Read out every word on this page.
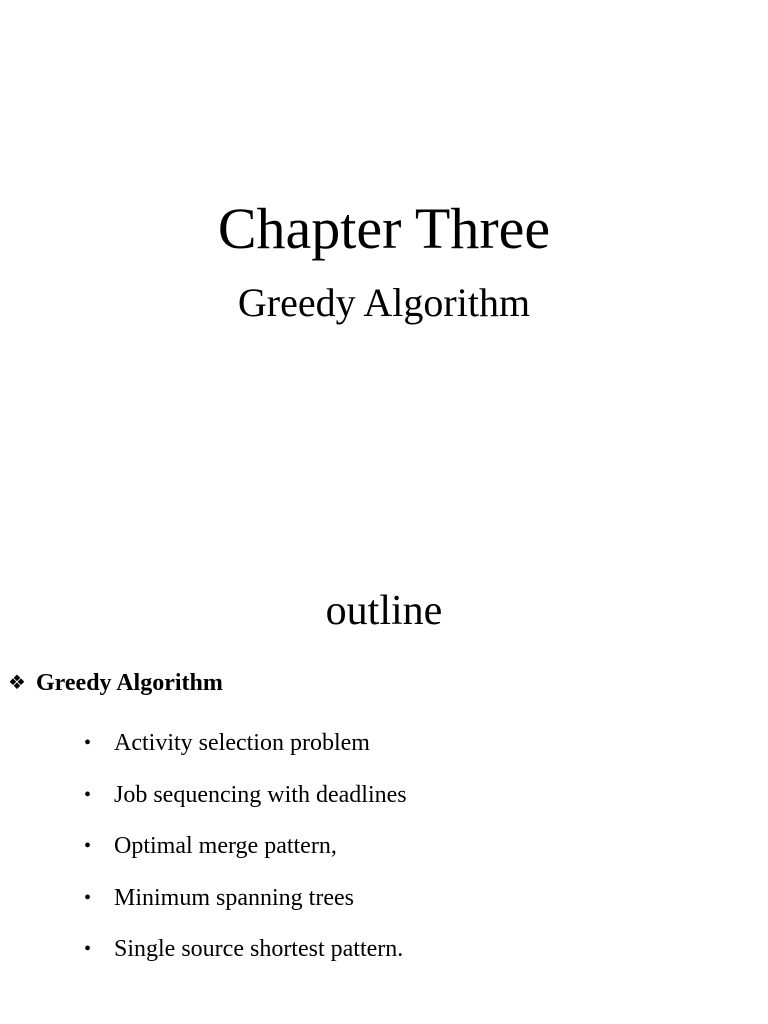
Chapter Three
Greedy Algorithm
outline
❖ Greedy Algorithm
• Activity selection problem
• Job sequencing with deadlines
• Optimal merge pattern,
• Minimum spanning trees
• Single source shortest pattern.
